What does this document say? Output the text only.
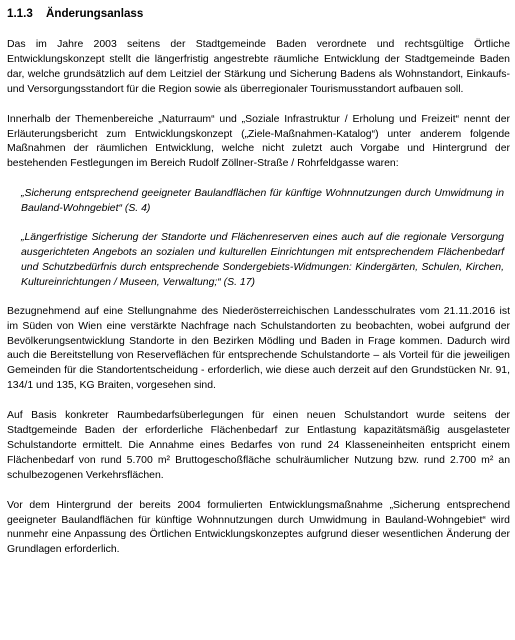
1.1.3	Änderungsanlass

Das im Jahre 2003 seitens der Stadtgemeinde Baden verordnete und rechtsgültige Örtliche Entwicklungskonzept stellt die längerfristig angestrebte räumliche Entwicklung der Stadtgemeinde Baden dar, welche grundsätzlich auf dem Leitziel der Stärkung und Sicherung Badens als Wohnstandort, Einkaufs- und Versorgungsstandort für die Region sowie als überregionaler Tourismusstandort aufbauen soll.

Innerhalb der Themenbereiche „Naturraum“ und „Soziale Infrastruktur / Erholung und Freizeit“ nennt der Erläuterungsbericht zum Entwicklungskonzept („Ziele-Maßnahmen-Katalog“) unter anderem folgende Maßnahmen der räumlichen Entwicklung, welche nicht zuletzt auch Vorgabe und Hintergrund der bestehenden Festlegungen im Bereich Rudolf Zöllner-Straße / Rohrfeldgasse waren:

„Sicherung entsprechend geeigneter Baulandflächen für künftige Wohnnutzungen durch Umwidmung in Bauland-Wohngebiet“ (S. 4)

„Längerfristige Sicherung der Standorte und Flächenreserven eines auch auf die regionale Versorgung ausgerichteten Angebots an sozialen und kulturellen Einrichtungen mit entsprechendem Flächenbedarf und Schutzbedürfnis durch entsprechende Sondergebiets-Widmungen: Kindergärten, Schulen, Kirchen, Kultureinrichtungen / Museen, Verwaltung;“ (S. 17)

Bezugnehmend auf eine Stellungnahme des Niederösterreichischen Landesschulrates vom 21.11.2016 ist im Süden von Wien eine verstärkte Nachfrage nach Schulstandorten zu beobachten, wobei aufgrund der Bevölkerungsentwicklung Standorte in den Bezirken Mödling und Baden in Frage kommen. Dadurch wird auch die Bereitstellung von Reserveflächen für entsprechende Schulstandorte – als Vorteil für die jeweiligen Gemeinden für die Standortentscheidung - erforderlich, wie diese auch derzeit auf den Grundstücken Nr. 91, 134/1 und 135, KG Braiten, vorgesehen sind.

Auf Basis konkreter Raumbedarfsüberlegungen für einen neuen Schulstandort wurde seitens der Stadtgemeinde Baden der erforderliche Flächenbedarf zur Entlastung kapazitätsmäßig ausgelasteter Schulstandorte ermittelt. Die Annahme eines Bedarfes von rund 24 Klasseneinheiten entspricht einem Flächenbedarf von rund 5.700 m² Bruttogeschoßfläche schulräumlicher Nutzung bzw. rund 2.700 m² an schulbezogenen Verkehrsflächen.

Vor dem Hintergrund der bereits 2004 formulierten Entwicklungsmaßnahme „Sicherung entsprechend geeigneter Baulandflächen für künftige Wohnnutzungen durch Umwidmung in Bauland-Wohngebiet“ wird nunmehr eine Anpassung des Örtlichen Entwicklungskonzeptes aufgrund dieser wesentlichen Änderung der Grundlagen erforderlich.
